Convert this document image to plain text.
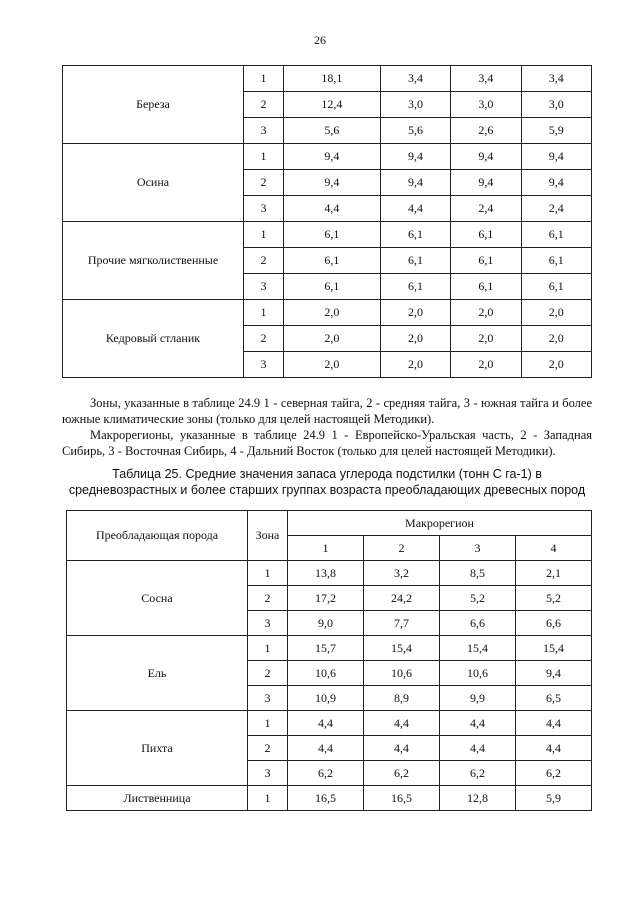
26
Береза	1	18,1	3,4	3,4	3,4
	2	12,4	3,0	3,0	3,0
	3	5,6	5,6	2,6	5,9
Осина	1	9,4	9,4	9,4	9,4
	2	9,4	9,4	9,4	9,4
	3	4,4	4,4	2,4	2,4
Прочие мягколиственные	1	6,1	6,1	6,1	6,1
	2	6,1	6,1	6,1	6,1
	3	6,1	6,1	6,1	6,1
Кедровый стланик	1	2,0	2,0	2,0	2,0
	2	2,0	2,0	2,0	2,0
	3	2,0	2,0	2,0	2,0

Зоны, указанные в таблице 24.9 1 - северная тайга, 2 - средняя тайга, 3 - южная тайга и более южные климатические зоны (только для целей настоящей Методики).

Макрорегионы, указанные в таблице 24.9 1 - Европейско-Уральская часть, 2 - Западная Сибирь, 3 - Восточная Сибирь, 4 - Дальний Восток (только для целей настоящей Методики).

Таблица 25. Средние значения запаса углерода подстилки (тонн С га-1) в
средневозрастных и более старших группах возраста преобладающих древесных пород
Преобладающая порода	Зона	Макрорегион			
		1	2	3	4
Сосна	1	13,8	3,2	8,5	2,1
	2	17,2	24,2	5,2	5,2
	3	9,0	7,7	6,6	6,6
Ель	1	15,7	15,4	15,4	15,4
	2	10,6	10,6	10,6	9,4
	3	10,9	8,9	9,9	6,5
Пихта	1	4,4	4,4	4,4	4,4
	2	4,4	4,4	4,4	4,4
	3	6,2	6,2	6,2	6,2
Лиственница	1	16,5	16,5	12,8	5,9
